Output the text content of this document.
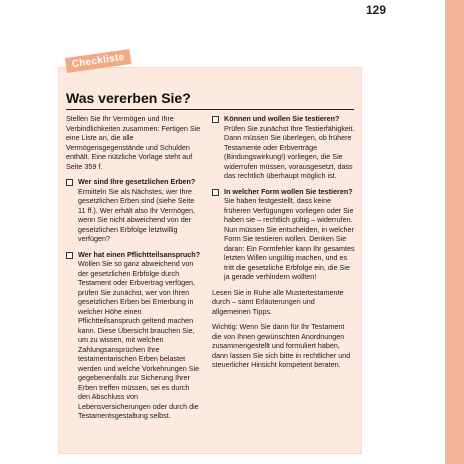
129
Checkliste
Was vererben Sie?

Stellen Sie Ihr Vermögen und Ihre Verbindlichkeiten zusammen: Fertigen Sie eine Liste an, die alle Vermögensgegenstände und Schulden enthält. Eine nützliche Vorlage steht auf Seite 359 f.

Wer sind Ihre gesetzlichen Erben? Ermitteln Sie als Nächstes, wer Ihre gesetzlichen Erben sind (siehe Seite 11 ff.). Wer erhält also Ihr Vermögen, wenn Sie nicht abweichend von der gesetzlichen Erbfolge letztwillig verfügen?
Wer hat einen Pflichtteilsanspruch? Wollen Sie so ganz abweichend von der gesetzlichen Erbfolge durch Testament oder Erbvertrag verfügen, prüfen Sie zunächst, wer von Ihren gesetzlichen Erben bei Enterbung in welcher Höhe einen Pflichtteilsanspruch geltend machen kann. Diese Übersicht brauchen Sie, um zu wissen, mit welchen Zahlungsansprüchen Ihre testamentarischen Erben belastet werden und welche Vorkehrungen Sie gegebenenfalls zur Sicherung Ihrer Erben treffen müssen, sei es durch den Abschluss von Lebensversicherungen oder durch die Testamentsgestaltung selbst.
Können und wollen Sie testieren? Prüfen Sie zunächst Ihre Testierfähigkeit. Dann müssen Sie überlegen, ob frühere Testamente oder Erbverträge (Bindungswirkung!) vorliegen, die Sie widerrufen müssen, vorausgesetzt, dass das rechtlich überhaupt möglich ist.
In welcher Form wollen Sie testieren? Sie haben festgestellt, dass keine früheren Verfügungen vorliegen oder Sie haben sie – rechtlich gültig – widerrufen. Nun müssen Sie entscheiden, in welcher Form Sie testieren wollen. Denken Sie daran: Ein Formfehler kann Ihr gesamtes letzten Willen ungültig machen, und es tritt die gesetzliche Erbfolge ein, die Sie ja gerade verhindern wollten!

Lesen Sie in Ruhe alle Mustertestamente durch – samt Erläuterungen und allgemeinen Tipps.

Wichtig: Wenn Sie dann für Ihr Testament die von Ihnen gewünschten Anordnungen zusammengestellt und formuliert haben, dann lassen Sie sich bitte in rechtlicher und steuerlicher Hinsicht kompetent beraten.
